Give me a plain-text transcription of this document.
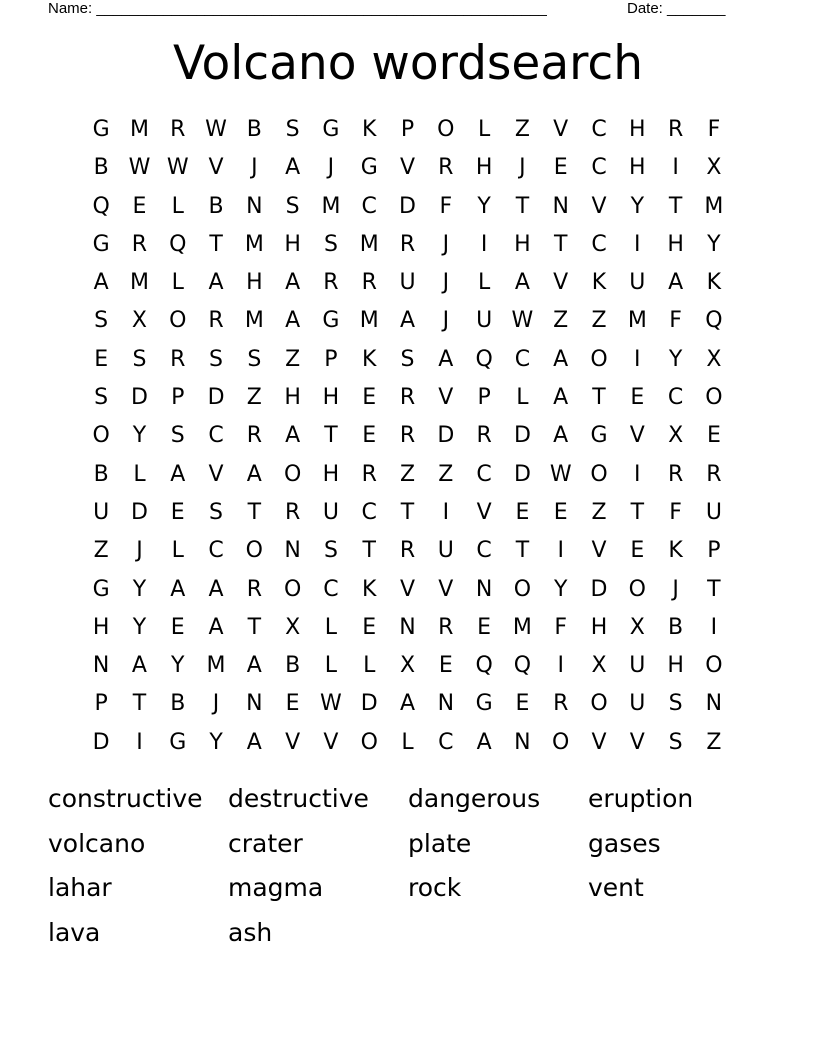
Name: ______________________________________________________	Date: _______
Volcano wordsearch
G M R W B	S	G	K	P	O	L	Z	V	C	H	R	F
B W W V	J	A	J	G	V	R	H	J	E	C	H	I	X
Q	E	L	B	N	S M C	D	F	Y	T	N	V	Y	T	M
G	R Q	T	M H	S M R	J	I	H	T	C	I	H	Y
A M	L	A	H	A	R	R	U	J	L	A	V	K	U	A	K
S	X	O R M A	G M A	J	U W Z	Z M	F	Q
E	S	R	S	S	Z	P	K	S	A	Q C	A	O	I	Y	X
S	D	P	D	Z	H H	E	R	V	P	L	A	T	E	C O
O	Y	S	C	R	A	T	E	R	D	R	D	A	G	V	X	E
B	L	A	V	A	O H	R	Z	Z	C	D W O	I	R	R
U D	E	S	T	R	U	C	T	I	V	E	E	Z	T	F	U
Z	J	L	C O N	S	T	R	U	C	T	I	V	E	K	P
G	Y	A	A	R O C	K	V	V	N O	Y	D O	J	T
H	Y	E	A	T	X	L	E	N	R	E M	F	H	X	B	I
N	A	Y	M A	B	L	L	X	E	Q Q	I	X	U H O
P	T	B	J	N	E W D	A	N G	E	R O U	S	N
D	I	G	Y	A	V	V	O	L	C	A	N O	V	V	S	Z
constructive	destructive	dangerous	eruption
volcano	crater	plate	gases
lahar	magma	rock	vent
lava	ash
